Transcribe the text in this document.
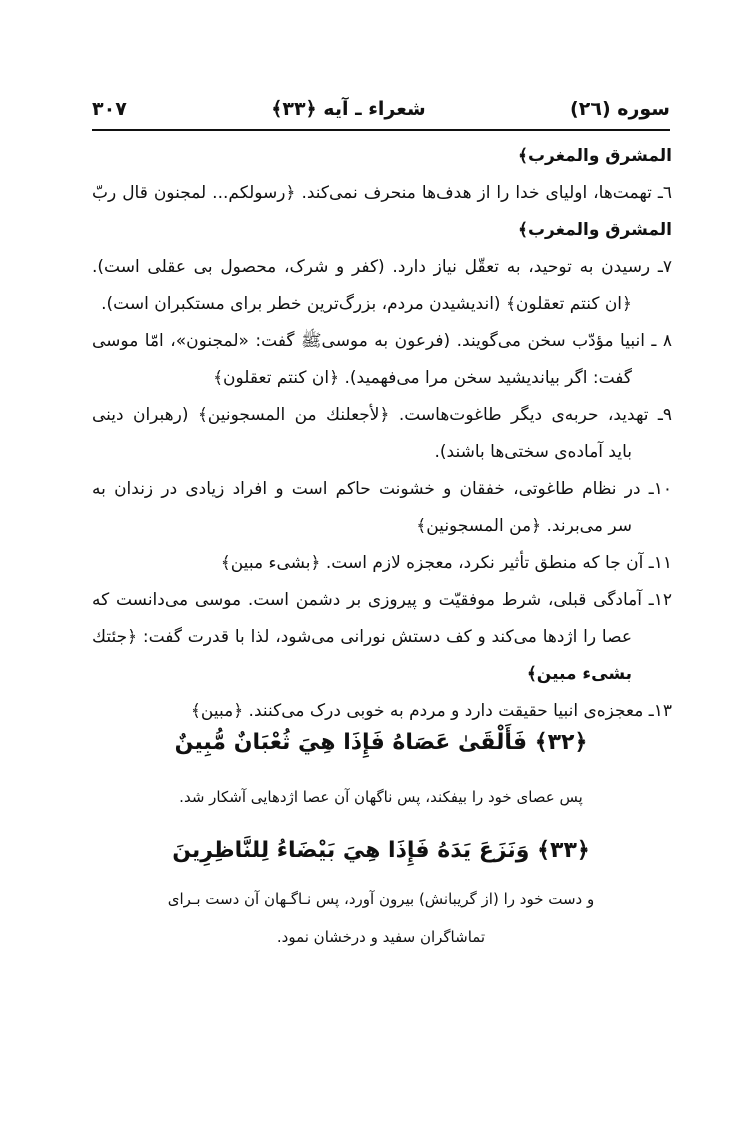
سوره (٢٦)
شعراء ـ آيه ﴿٣٣﴾
٣٠٧
المشرق والمغرب﴾
٦ـ تهمت‌ها، اولیای خدا را از هدف‌ها منحرف نمی‌کند. ﴿رسولکم... لمجنون قال ربّ
المشرق والمغرب﴾
٧ـ رسیدن به توحید، به تعقّل نیاز دارد. (کفر و شرک، محصول بی عقلی است).
﴿ان کنتم تعقلون﴾ (اندیشیدن مردم، بزرگ‌ترین خطر برای مستکبران است).
٨ ـ انبیا مؤدّب سخن می‌گویند. (فرعون به موسیﷺ گفت: «لمجنون»، امّا موسی
گفت: اگر بیاندیشید سخن مرا می‌فهمید). ﴿ان کنتم تعقلون﴾
٩ـ تهدید، حربه‌ی دیگر طاغوت‌هاست. ﴿لأجعلنك من المسجونين﴾ (رهبران دینی
باید آماده‌ی سختی‌ها باشند).
١٠ـ در نظام طاغوتی، خفقان و خشونت حاکم است و افراد زیادی در زندان به
سر می‌برند. ﴿من المسجونين﴾
١١ـ آن جا که منطق تأثیر نکرد، معجزه لازم است. ﴿بشیء مبین﴾
١٢ـ آمادگی قبلی، شرط موفقیّت و پیروزی بر دشمن است. موسی می‌دانست که
عصا را اژدها می‌کند و کف دستش نورانی می‌شود، لذا با قدرت گفت: ﴿جئتك
بشیء مبین﴾
١٣ـ معجزه‌ی انبیا حقیقت دارد و مردم به خوبی درک می‌کنند. ﴿مبین﴾
﴿٣٢﴾ فَأَلْقَىٰ عَصَاهُ فَإِذَا هِيَ ثُعْبَانٌ مُّبِينٌ
پس عصای خود را بیفکند، پس ناگهان آن عصا اژدهایی آشکار شد.
﴿٣٣﴾ وَنَزَعَ يَدَهُ فَإِذَا هِيَ بَيْضَاءُ لِلنَّاظِرِينَ
و دست خود را (از گریبانش) بیرون آورد، پس نـاگـهان آن دست بـرای
تماشاگران سفید و درخشان نمود.
